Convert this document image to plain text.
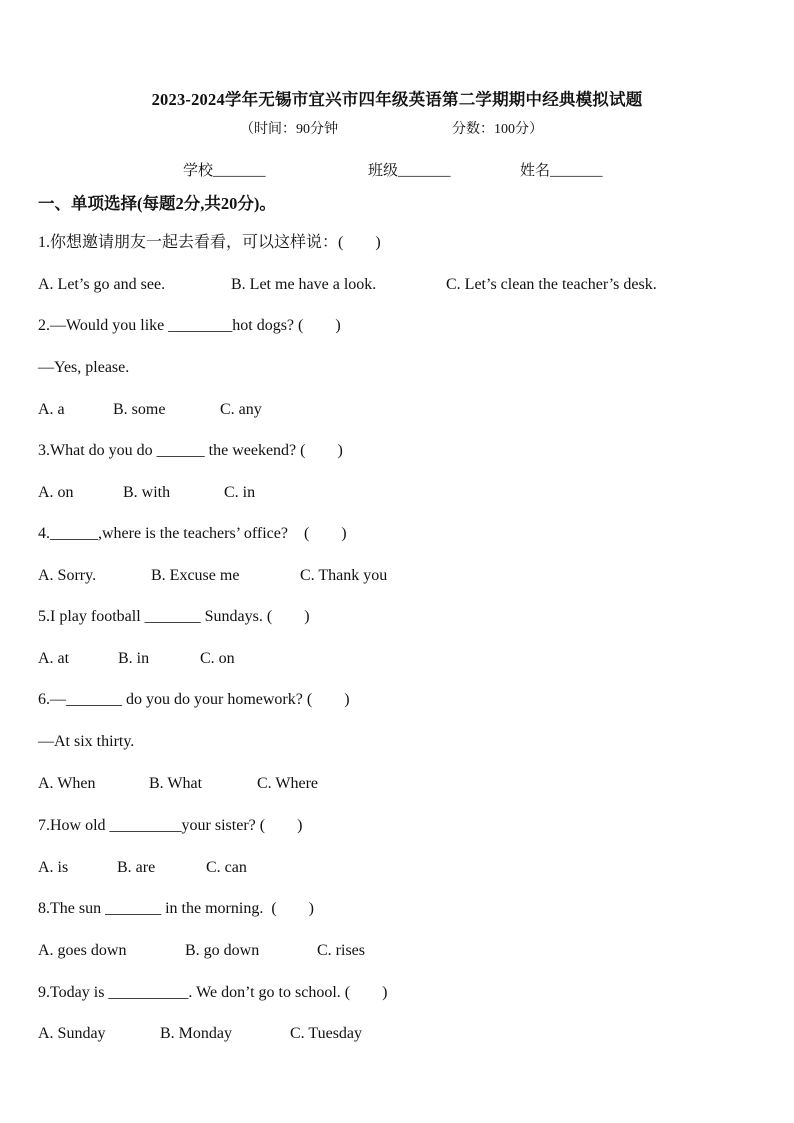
2023-2024学年无锡市宜兴市四年级英语第二学期期中经典模拟试题
（时间：90分钟	分数：100分）
学校_______	班级_______	姓名_______
一、单项选择(每题2分,共20分)。
1.你想邀请朋友一起去看看，可以这样说：(　　)
A. Let’s go and see.	B. Let me have a look.	C. Let’s clean the teacher’s desk.
2.—Would you like ________hot dogs? (　　)
—Yes, please.
A. a	B. some	C. any
3.What do you do ______ the weekend? (　　)
A. on	B. with	C. in
4.______,where is the teachers’ office?　(　　)
A. Sorry.	B. Excuse me	C. Thank you
5.I play football _______ Sundays. (　　)
A. at	B. in	C. on
6.—_______ do you do your homework? (　　)
—At six thirty.
A. When	B. What	C. Where
7.How old _________your sister? (　　)
A. is	B. are	C. can
8.The sun _______ in the morning.  (　　)
A. goes down	B. go down	C. rises
9.Today is __________. We don’t go to school. (　　)
A. Sunday	B. Monday	C. Tuesday
